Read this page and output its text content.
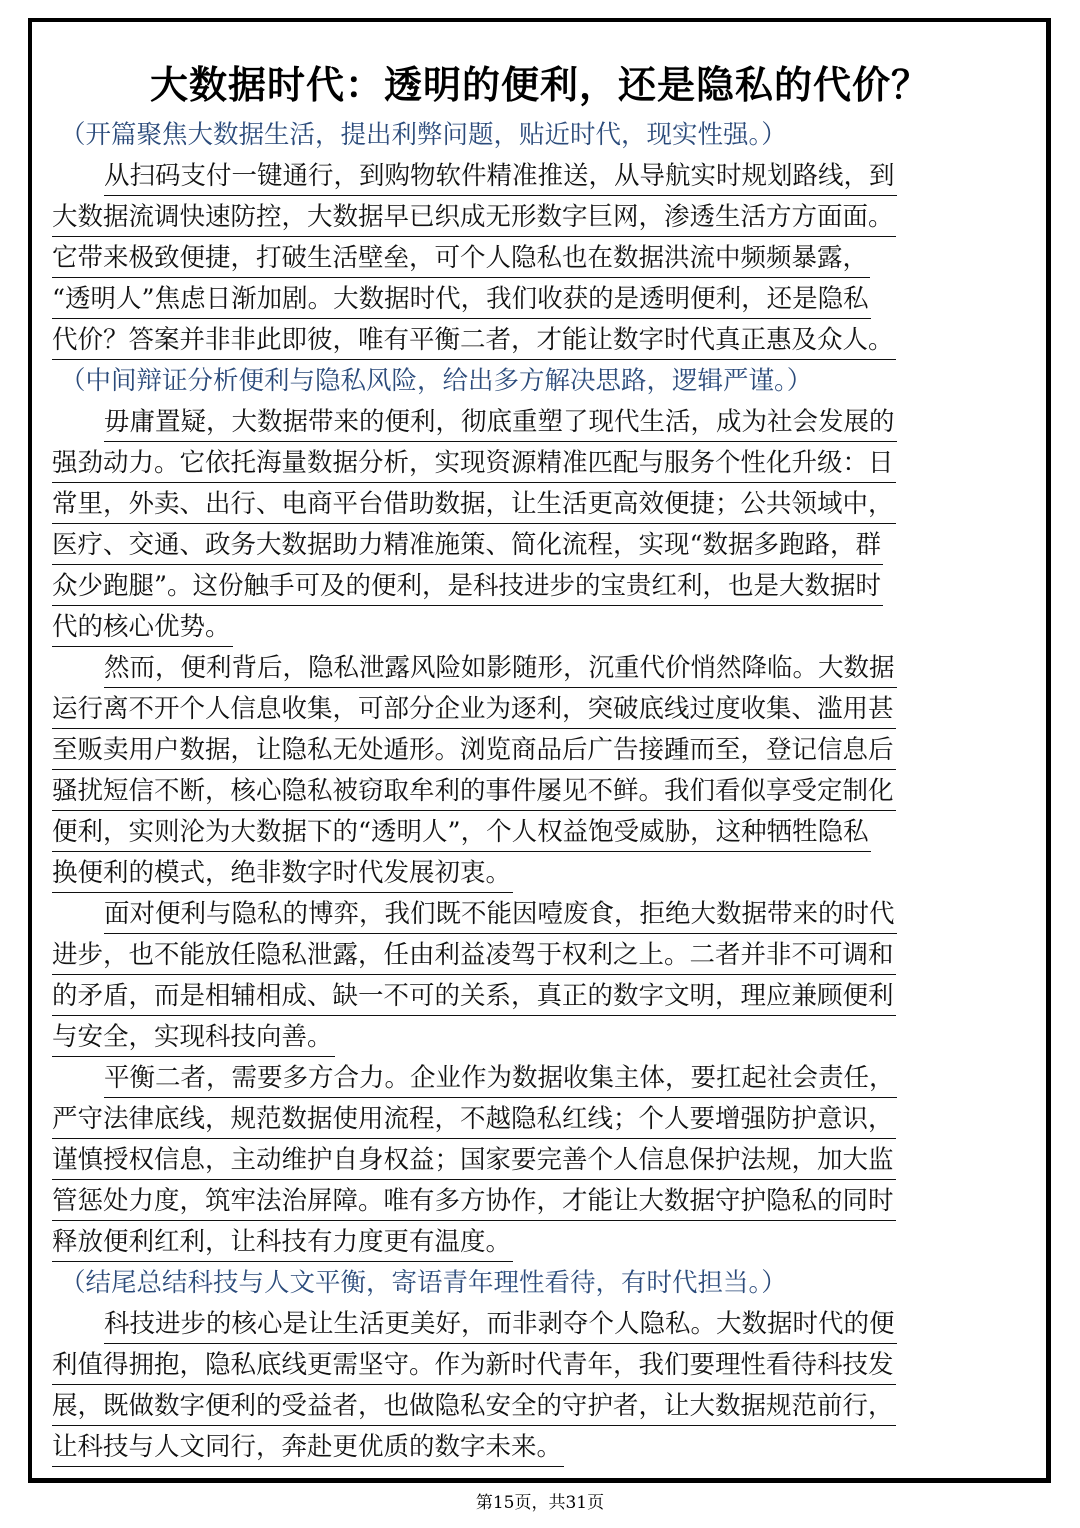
大数据时代：透明的便利，还是隐私的代价？
（开篇聚焦大数据生活，提出利弊问题，贴近时代，现实性强。）
从扫码支付一键通行，到购物软件精准推送，从导航实时规划路线，到
大数据流调快速防控，大数据早已织成无形数字巨网，渗透生活方方面面。
它带来极致便捷，打破生活壁垒，可个人隐私也在数据洪流中频频暴露，
“透明人”焦虑日渐加剧。大数据时代，我们收获的是透明便利，还是隐私
代价？答案并非非此即彼，唯有平衡二者，才能让数字时代真正惠及众人。
（中间辩证分析便利与隐私风险，给出多方解决思路，逻辑严谨。）
毋庸置疑，大数据带来的便利，彻底重塑了现代生活，成为社会发展的
强劲动力。它依托海量数据分析，实现资源精准匹配与服务个性化升级：日
常里，外卖、出行、电商平台借助数据，让生活更高效便捷；公共领域中，
医疗、交通、政务大数据助力精准施策、简化流程，实现“数据多跑路，群
众少跑腿”。这份触手可及的便利，是科技进步的宝贵红利，也是大数据时
代的核心优势。
然而，便利背后，隐私泄露风险如影随形，沉重代价悄然降临。大数据
运行离不开个人信息收集，可部分企业为逐利，突破底线过度收集、滥用甚
至贩卖用户数据，让隐私无处遁形。浏览商品后广告接踵而至，登记信息后
骚扰短信不断，核心隐私被窃取牟利的事件屡见不鲜。我们看似享受定制化
便利，实则沦为大数据下的“透明人”，个人权益饱受威胁，这种牺牲隐私
换便利的模式，绝非数字时代发展初衷。
面对便利与隐私的博弈，我们既不能因噎废食，拒绝大数据带来的时代
进步，也不能放任隐私泄露，任由利益凌驾于权利之上。二者并非不可调和
的矛盾，而是相辅相成、缺一不可的关系，真正的数字文明，理应兼顾便利
与安全，实现科技向善。
平衡二者，需要多方合力。企业作为数据收集主体，要扛起社会责任，
严守法律底线，规范数据使用流程，不越隐私红线；个人要增强防护意识，
谨慎授权信息，主动维护自身权益；国家要完善个人信息保护法规，加大监
管惩处力度，筑牢法治屏障。唯有多方协作，才能让大数据守护隐私的同时
释放便利红利，让科技有力度更有温度。
（结尾总结科技与人文平衡，寄语青年理性看待，有时代担当。）
科技进步的核心是让生活更美好，而非剥夺个人隐私。大数据时代的便
利值得拥抱，隐私底线更需坚守。作为新时代青年，我们要理性看待科技发
展，既做数字便利的受益者，也做隐私安全的守护者，让大数据规范前行，
让科技与人文同行，奔赴更优质的数字未来。
第15页，共31页
